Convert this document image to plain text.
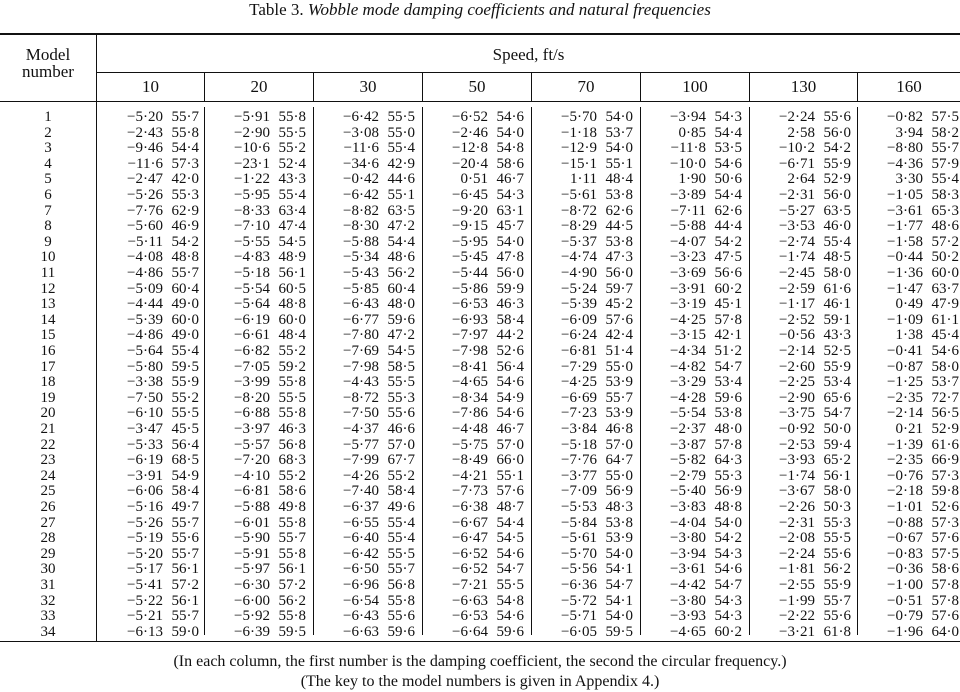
Table 3. Wobble mode damping coefficients and natural frequencies
Model
number
Speed, ft/s
10	20	30	50	70	100	130	160
1	−5·20 55·7	−5·91 55·8	−6·42 55·5	−6·52 54·6	−5·70 54·0	−3·94 54·3	−2·24 55·6	−0·82 57·5
2	−2·43 55·8	−2·90 55·5	−3·08 55·0	−2·46 54·0	−1·18 53·7	0·85 54·4	2·58 56·0	3·94 58·2
3	−9·46 54·4	−10·6 55·2	−11·6 55·4	−12·8 54·8	−12·9 54·0	−11·8 53·5	−10·2 54·2	−8·80 55·7
4	−11·6 57·3	−23·1 52·4	−34·6 42·9	−20·4 58·6	−15·1 55·1	−10·0 54·6	−6·71 55·9	−4·36 57·9
5	−2·47 42·0	−1·22 43·3	−0·42 44·6	0·51 46·7	1·11 48·4	1·90 50·6	2·64 52·9	3·30 55·4
6	−5·26 55·3	−5·95 55·4	−6·42 55·1	−6·45 54·3	−5·61 53·8	−3·89 54·4	−2·31 56·0	−1·05 58·3
7	−7·76 62·9	−8·33 63·4	−8·82 63·5	−9·20 63·1	−8·72 62·6	−7·11 62·6	−5·27 63·5	−3·61 65·3
8	−5·60 46·9	−7·10 47·4	−8·30 47·2	−9·15 45·7	−8·29 44·5	−5·88 44·4	−3·53 46·0	−1·77 48·6
9	−5·11 54·2	−5·55 54·5	−5·88 54·4	−5·95 54·0	−5·37 53·8	−4·07 54·2	−2·74 55·4	−1·58 57·2
10	−4·08 48·8	−4·83 48·9	−5·34 48·6	−5·45 47·8	−4·74 47·3	−3·23 47·5	−1·74 48·5	−0·44 50·2
11	−4·86 55·7	−5·18 56·1	−5·43 56·2	−5·44 56·0	−4·90 56·0	−3·69 56·6	−2·45 58·0	−1·36 60·0
12	−5·09 60·4	−5·54 60·5	−5·85 60·4	−5·86 59·9	−5·24 59·7	−3·91 60·2	−2·59 61·6	−1·47 63·7
13	−4·44 49·0	−5·64 48·8	−6·43 48·0	−6·53 46·3	−5·39 45·2	−3·19 45·1	−1·17 46·1	0·49 47·9
14	−5·39 60·0	−6·19 60·0	−6·77 59·6	−6·93 58·4	−6·09 57·6	−4·25 57·8	−2·52 59·1	−1·09 61·1
15	−4·86 49·0	−6·61 48·4	−7·80 47·2	−7·97 44·2	−6·24 42·4	−3·15 42·1	−0·56 43·3	1·38 45·4
16	−5·64 55·4	−6·82 55·2	−7·69 54·5	−7·98 52·6	−6·81 51·4	−4·34 51·2	−2·14 52·5	−0·41 54·6
17	−5·80 59·5	−7·05 59·2	−7·98 58·5	−8·41 56·4	−7·29 55·0	−4·82 54·7	−2·60 55·9	−0·87 58·0
18	−3·38 55·9	−3·99 55·8	−4·43 55·5	−4·65 54·6	−4·25 53·9	−3·29 53·4	−2·25 53·4	−1·25 53·7
19	−7·50 55·2	−8·20 55·5	−8·72 55·3	−8·34 54·9	−6·69 55·7	−4·28 59·6	−2·90 65·6	−2·35 72·7
20	−6·10 55·5	−6·88 55·8	−7·50 55·6	−7·86 54·6	−7·23 53·9	−5·54 53·8	−3·75 54·7	−2·14 56·5
21	−3·47 45·5	−3·97 46·3	−4·37 46·6	−4·48 46·7	−3·84 46·8	−2·37 48·0	−0·92 50·0	0·21 52·9
22	−5·33 56·4	−5·57 56·8	−5·77 57·0	−5·75 57·0	−5·18 57·0	−3·87 57·8	−2·53 59·4	−1·39 61·6
23	−6·19 68·5	−7·20 68·3	−7·99 67·7	−8·49 66·0	−7·76 64·7	−5·82 64·3	−3·93 65·2	−2·35 66·9
24	−3·91 54·9	−4·10 55·2	−4·26 55·2	−4·21 55·1	−3·77 55·0	−2·79 55·3	−1·74 56·1	−0·76 57·3
25	−6·06 58·4	−6·81 58·6	−7·40 58·4	−7·73 57·6	−7·09 56·9	−5·40 56·9	−3·67 58·0	−2·18 59·8
26	−5·16 49·7	−5·88 49·8	−6·37 49·6	−6·38 48·7	−5·53 48·3	−3·83 48·8	−2·26 50·3	−1·01 52·6
27	−5·26 55·7	−6·01 55·8	−6·55 55·4	−6·67 54·4	−5·84 53·8	−4·04 54·0	−2·31 55·3	−0·88 57·3
28	−5·19 55·6	−5·90 55·7	−6·40 55·4	−6·47 54·5	−5·61 53·9	−3·80 54·2	−2·08 55·5	−0·67 57·6
29	−5·20 55·7	−5·91 55·8	−6·42 55·5	−6·52 54·6	−5·70 54·0	−3·94 54·3	−2·24 55·6	−0·83 57·5
30	−5·17 56·1	−5·97 56·1	−6·50 55·7	−6·52 54·7	−5·56 54·1	−3·61 54·6	−1·81 56·2	−0·36 58·6
31	−5·41 57·2	−6·30 57·2	−6·96 56·8	−7·21 55·5	−6·36 54·7	−4·42 54·7	−2·55 55·9	−1·00 57·8
32	−5·22 56·1	−6·00 56·2	−6·54 55·8	−6·63 54·8	−5·72 54·1	−3·80 54·3	−1·99 55·7	−0·51 57·8
33	−5·21 55·7	−5·92 55·8	−6·43 55·6	−6·53 54·6	−5·71 54·0	−3·93 54·3	−2·22 55·6	−0·79 57·6
34	−6·13 59·0	−6·39 59·5	−6·63 59·6	−6·64 59·6	−6·05 59·5	−4·65 60·2	−3·21 61·8	−1·96 64·0
(In each column, the first number is the damping coefficient, the second the circular frequency.)
(The key to the model numbers is given in Appendix 4.)
